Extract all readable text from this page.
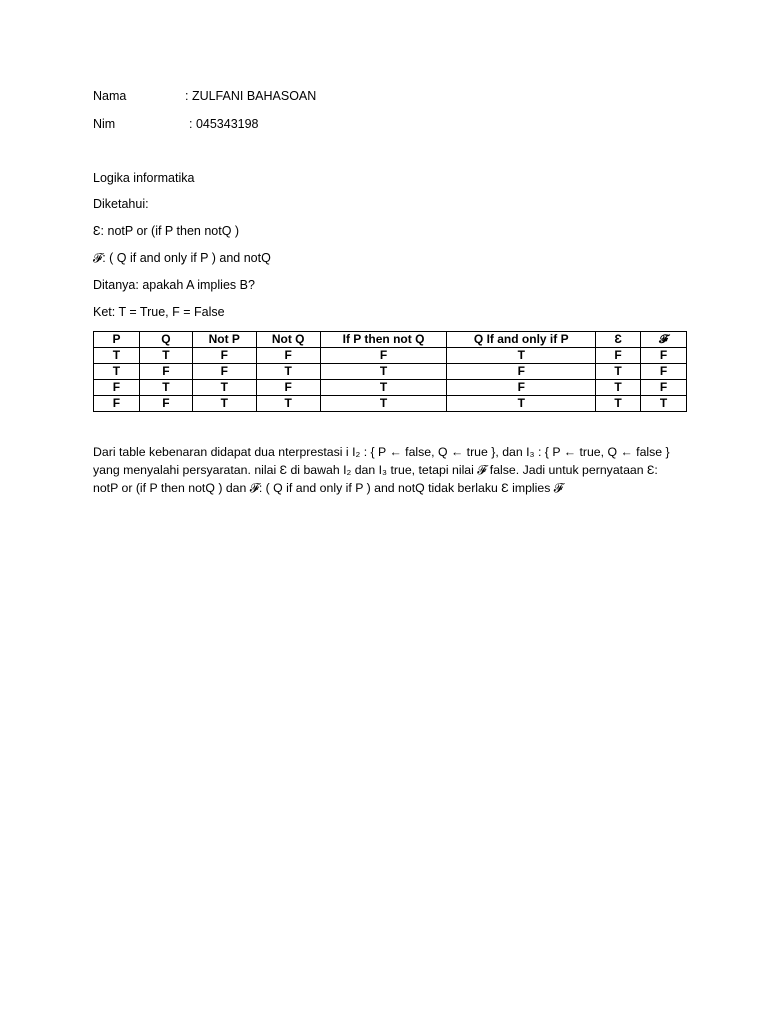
Nama	: ZULFANI BAHASOAN
Nim	: 045343198
Logika informatika
Diketahui:
Ɛ: notP or (if P then notQ )
𝓕: ( Q if and only if P ) and notQ
Ditanya: apakah A implies B?
Ket: T = True, F = False
P	Q	Not P	Not Q	If P then not Q	Q If and only if P	Ɛ	𝓕
T	T	F	F	F	T	F	F
T	F	F	T	T	F	T	F
F	T	T	F	T	F	T	F
F	F	T	T	T	T	T	T
Dari table kebenaran didapat dua nterprestasi i I₂ : { P ← false, Q ← true }, dan I₃ : { P ← true, Q ← false } yang menyalahi persyaratan. nilai Ɛ di bawah I₂ dan I₃ true, tetapi nilai 𝓕 false. Jadi untuk pernyataan Ɛ: notP or (if P then notQ ) dan 𝓕: ( Q if and only if P ) and notQ tidak berlaku Ɛ implies 𝓕
